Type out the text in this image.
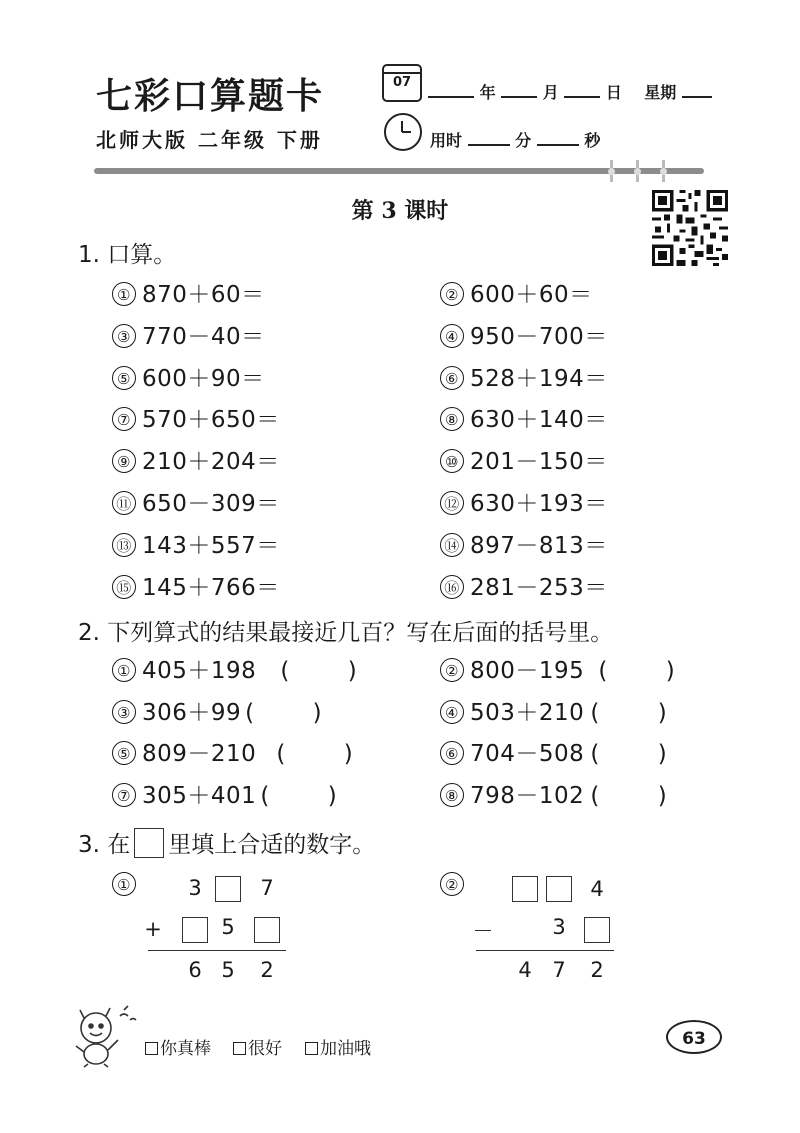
七彩口算题卡
北师大版 二年级 下册
07
年	月	日 星期
用时	分	秒
第 3 课时
1. 口算。
① 870＋60＝	② 600＋60＝
③ 770－40＝	④ 950－700＝
⑤ 600＋90＝	⑥ 528＋194＝
⑦ 570＋650＝	⑧ 630＋140＝
⑨ 210＋204＝	⑩ 201－150＝
⑪ 650－309＝	⑫ 630＋193＝
⑬ 143＋557＝	⑭ 897－813＝
⑮ 145＋766＝	⑯ 281－253＝
2. 下列算式的结果最接近几百？写在后面的括号里。
① 405＋198 (	)	② 800－195 (	)
③ 306＋99 (	)	④ 503＋210 (	)
⑤ 809－210 (	)	⑥ 704－508 (	)
⑦ 305＋401 (	)	⑧ 798－102 (	)
3. 在 里填上合适的数字。
①	3	7
+	5
6 5	2
②	4
－	3
4 7	2
你真棒	很好	加油哦	63
